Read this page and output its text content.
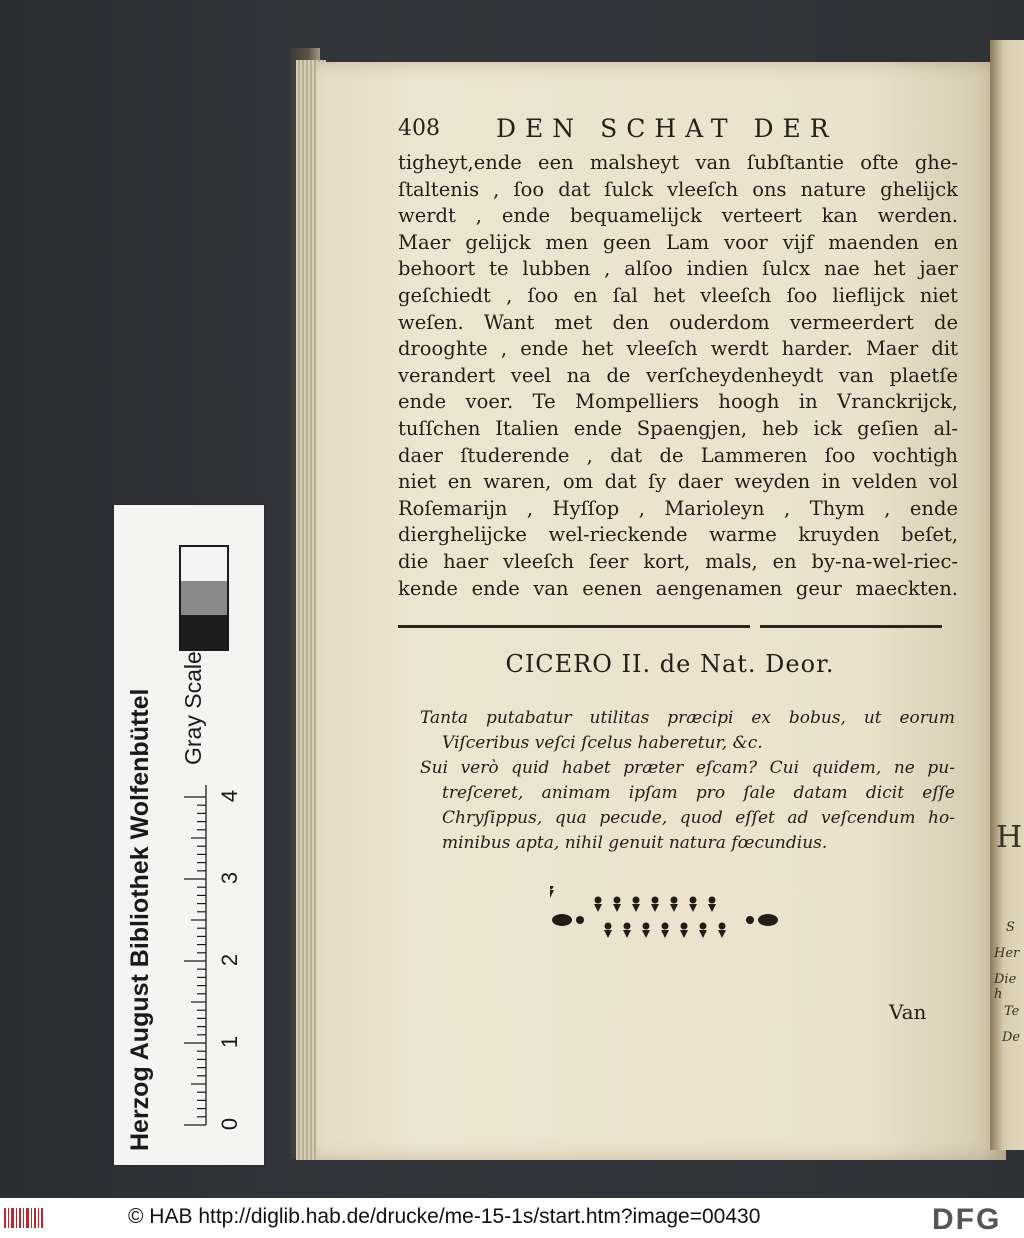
H
S
Her
Die h
Te
De
408 DEN SCHAT DER
tigheyt,ende een malsheyt van ſubſtantie ofte ghe-
ſtaltenis , ſoo dat ſulck vleeſch ons nature ghelijck
werdt , ende bequamelijck verteert kan werden.
Maer gelijck men geen Lam voor vijf maenden en
behoort te lubben , alſoo indien ſulcx nae het jaer
geſchiedt , ſoo en ſal het vleeſch ſoo lieflijck niet
weſen. Want met den ouderdom vermeerdert de
drooghte , ende het vleeſch werdt harder. Maer dit
verandert veel na de verſcheydenheydt van plaetſe
ende voer. Te Mompelliers hoogh in Vranckrijck,
tuſſchen Italien ende Spaengjen, heb ick geſien al-
daer ſtuderende , dat de Lammeren ſoo vochtigh
niet en waren, om dat ſy daer weyden in velden vol
Roſemarijn , Hyſſop , Marioleyn , Thym , ende
dierghelijcke wel-rieckende warme kruyden beſet,
die haer vleeſch ſeer kort, mals, en by-na-wel-riec-
kende ende van eenen aengenamen geur maeckten.
CICERO II. de Nat. Deor.
Tanta putabatur utilitas præcipi ex bobus, ut eorum
Viſceribus veſci ſcelus haberetur, &c.
Sui verò quid habet præter eſcam? Cui quidem, ne pu-
treſceret, animam ipſam pro ſale datam dicit eſſe
Chryſippus, qua pecude, quod eſſet ad veſcendum ho-
minibus apta, nihil genuit natura fœcundius.
Van
Herzog August Bibliothek Wolfenbüttel	Gray Scale
0
1
2
3
4
© HAB http://diglib.hab.de/drucke/me-15-1s/start.htm?image=00430	DFG
